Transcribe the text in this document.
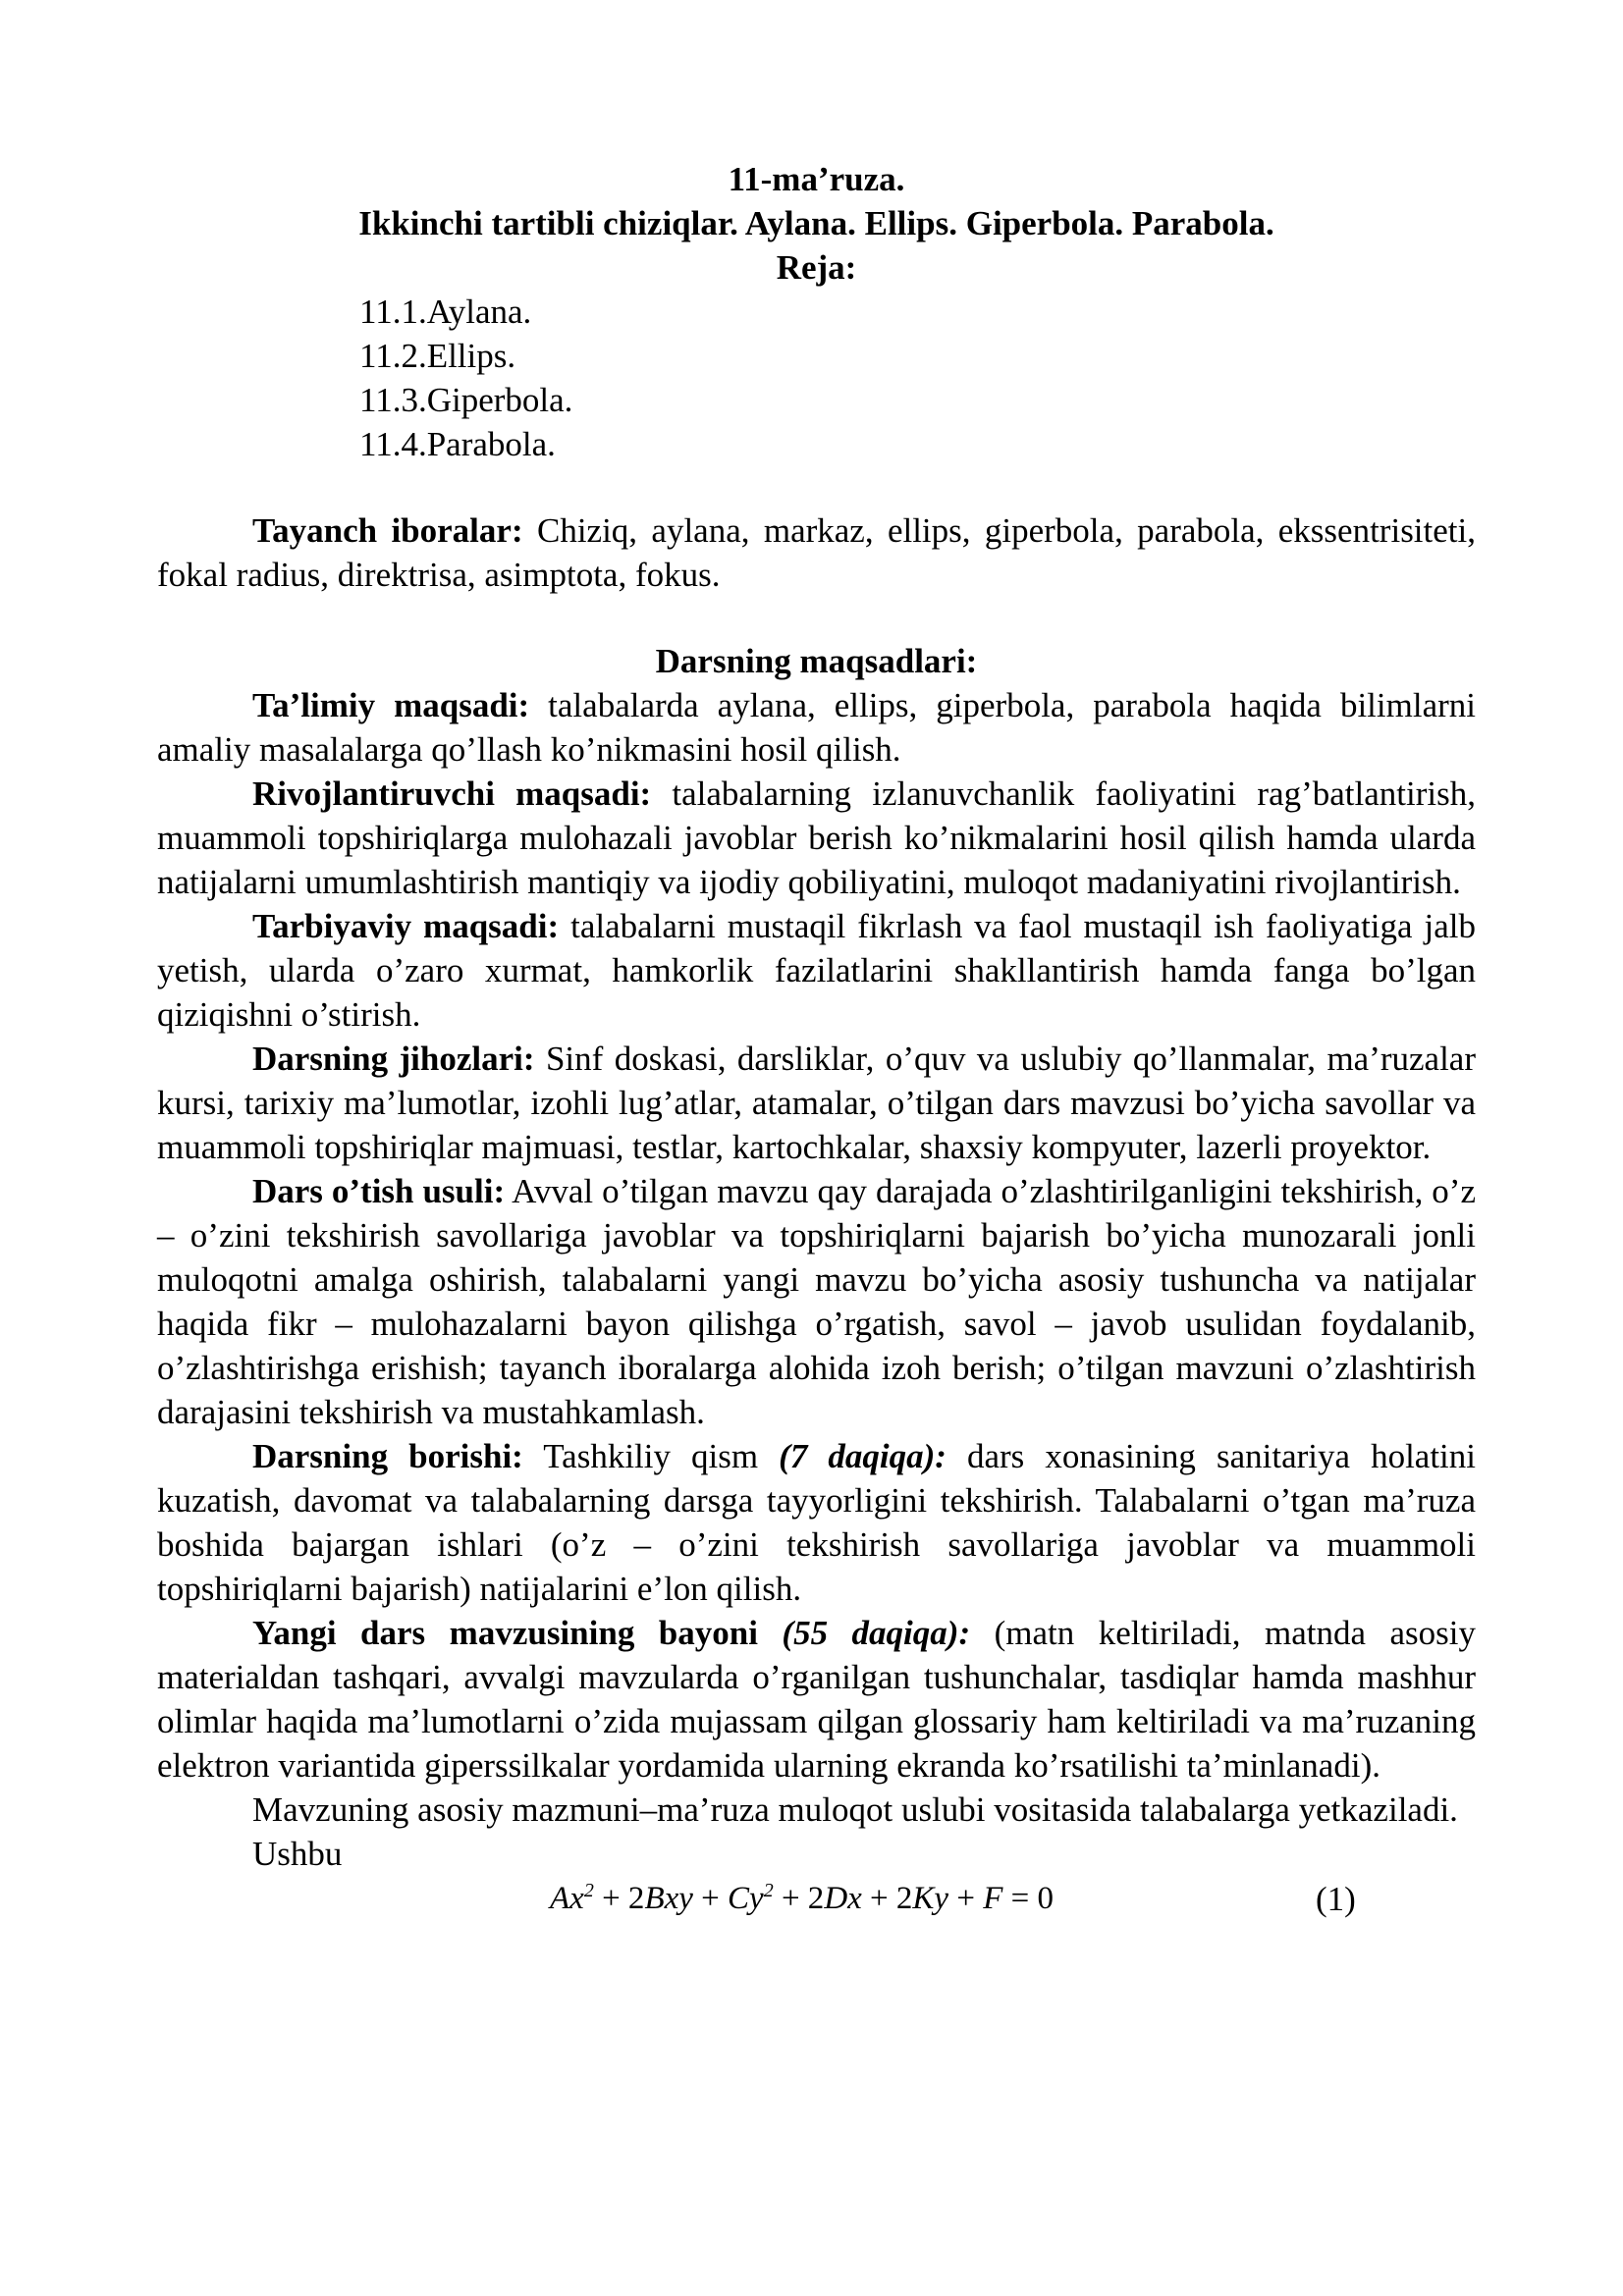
11-ma’ruza.
Ikkinchi tartibli chiziqlar. Aylana. Ellips. Giperbola. Parabola.
Reja:
11.1.Aylana.
11.2.Ellips.
11.3.Giperbola.
11.4.Parabola.

Tayanch iboralar: Chiziq, aylana, markaz, ellips, giperbola, parabola, ekssentrisiteti, fokal radius, direktrisa, asimptota, fokus.

Darsning maqsadlari:

Ta’limiy maqsadi: talabalarda aylana, ellips, giperbola, parabola haqida bilimlarni amaliy masalalarga qo’llash ko’nikmasini hosil qilish.

Rivojlantiruvchi maqsadi: talabalarning izlanuvchanlik faoliyatini rag’batlantirish, muammoli topshiriqlarga mulohazali javoblar berish ko’nikmalarini hosil qilish hamda ularda natijalarni umumlashtirish mantiqiy va ijodiy qobiliyatini, muloqot madaniyatini rivojlantirish.

Tarbiyaviy maqsadi: talabalarni mustaqil fikrlash va faol mustaqil ish faoliyatiga jalb yetish, ularda o’zaro xurmat, hamkorlik fazilatlarini shakllantirish hamda fanga bo’lgan qiziqishni o’stirish.

Darsning jihozlari: Sinf doskasi, darsliklar, o’quv va uslubiy qo’llanmalar, ma’ruzalar kursi, tarixiy ma’lumotlar, izohli lug’atlar, atamalar, o’tilgan dars mavzusi bo’yicha savollar va muammoli topshiriqlar majmuasi, testlar, kartochkalar, shaxsiy kompyuter, lazerli proyektor.

Dars o’tish usuli: Avval o’tilgan mavzu qay darajada o’zlashtirilganligini tekshirish, o’z – o’zini tekshirish savollariga javoblar va topshiriqlarni bajarish bo’yicha munozarali jonli muloqotni amalga oshirish, talabalarni yangi mavzu bo’yicha asosiy tushuncha va natijalar haqida fikr – mulohazalarni bayon qilishga o’rgatish, savol – javob usulidan foydalanib, o’zlashtirishga erishish; tayanch iboralarga alohida izoh berish; o’tilgan mavzuni o’zlashtirish darajasini tekshirish va mustahkamlash.

Darsning borishi: Tashkiliy qism (7 daqiqa): dars xonasining sanitariya holatini kuzatish, davomat va talabalarning darsga tayyorligini tekshirish. Talabalarni o’tgan ma’ruza boshida bajargan ishlari (o’z – o’zini tekshirish savollariga javoblar va muammoli topshiriqlarni bajarish) natijalarini e’lon qilish.

Yangi dars mavzusining bayoni (55 daqiqa): (matn keltiriladi, matnda asosiy materialdan tashqari, avvalgi mavzularda o’rganilgan tushunchalar, tasdiqlar hamda mashhur olimlar haqida ma’lumotlarni o’zida mujassam qilgan glossariy ham keltiriladi va ma’ruzaning elektron variantida giperssilkalar yordamida ularning ekranda ko’rsatilishi ta’minlanadi).

Mavzuning asosiy mazmuni–ma’ruza muloqot uslubi vositasida talabalarga yetkaziladi.

Ushbu
$Ax^2 + 2Bxy + Cy^2 + 2Dx + 2Ky + F = 0$	(1)
